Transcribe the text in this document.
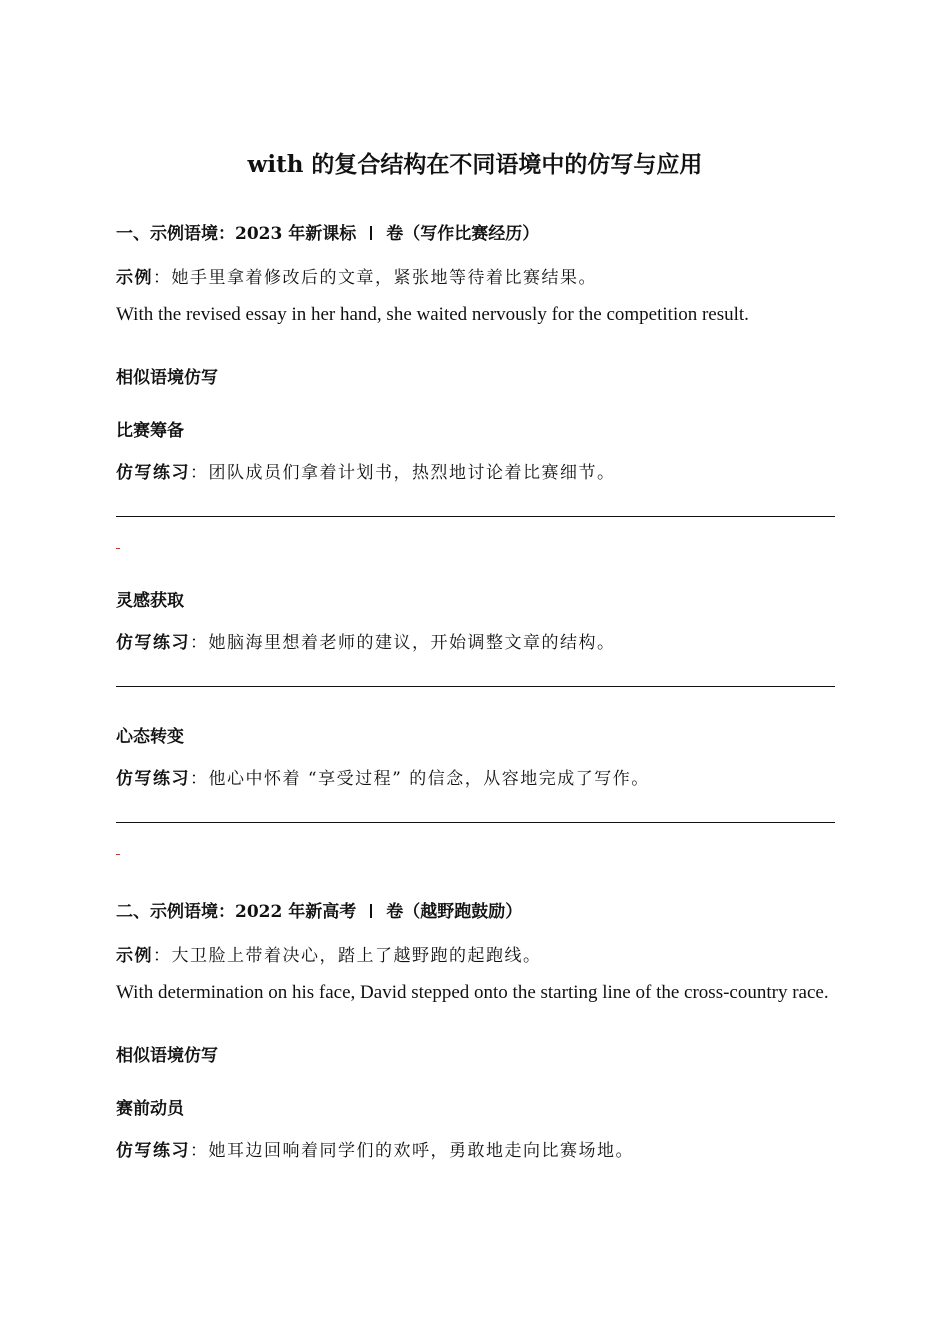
with 的复合结构在不同语境中的仿写与应用
一、示例语境：2023 年新课标 卷（写作比赛经历）
示例：她手里拿着修改后的文章，紧张地等待着比赛结果。
With the revised essay in her hand, she waited nervously for the competition result.
相似语境仿写
比赛筹备
仿写练习：团队成员们拿着计划书，热烈地讨论着比赛细节。
灵感获取
仿写练习：她脑海里想着老师的建议，开始调整文章的结构。
心态转变
仿写练习：他心中怀着 “享受过程” 的信念，从容地完成了写作。
二、示例语境：2022 年新高考 卷（越野跑鼓励）
示例：大卫脸上带着决心，踏上了越野跑的起跑线。
With determination on his face, David stepped onto the starting line of the cross-country race.
相似语境仿写
赛前动员
仿写练习：她耳边回响着同学们的欢呼，勇敢地走向比赛场地。
